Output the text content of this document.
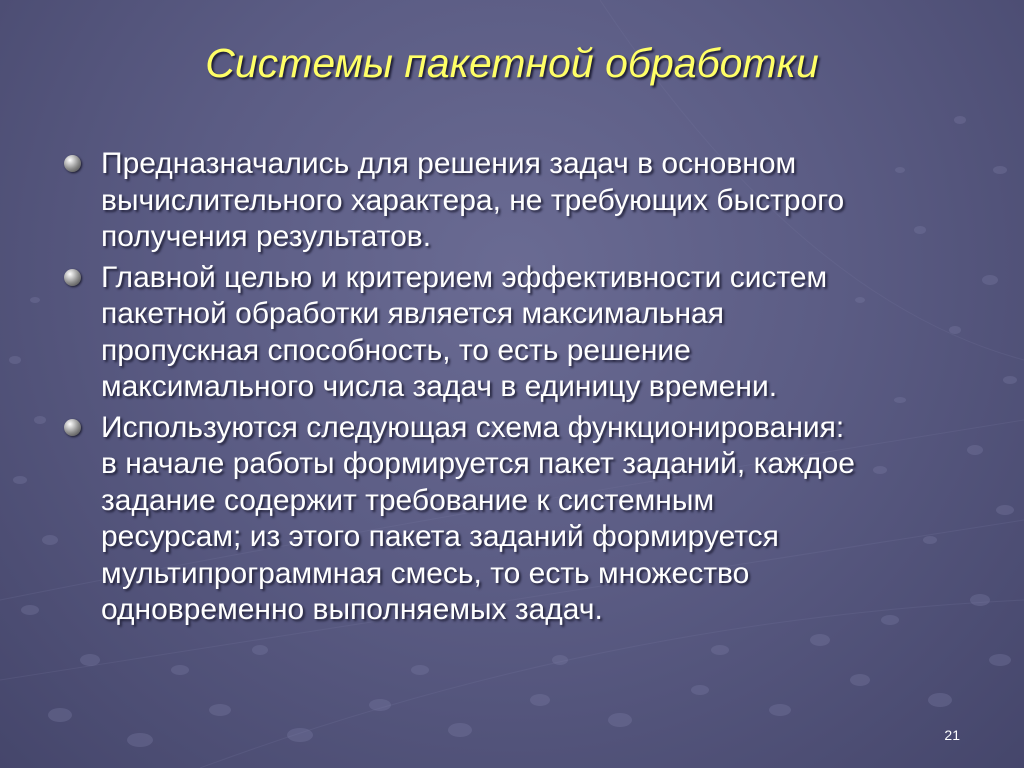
Системы пакетной обработки
Предназначались для решения задач в основном
вычислительного характера, не требующих быстрого
получения результатов.
Главной целью и критерием эффективности систем
пакетной обработки является максимальная
пропускная способность, то есть решение
максимального числа задач в единицу времени.
Используются следующая схема функционирования:
в начале работы формируется пакет заданий, каждое
задание содержит требование к системным
ресурсам; из этого пакета заданий формируется
мультипрограммная смесь, то есть множество
одновременно выполняемых задач.
21
